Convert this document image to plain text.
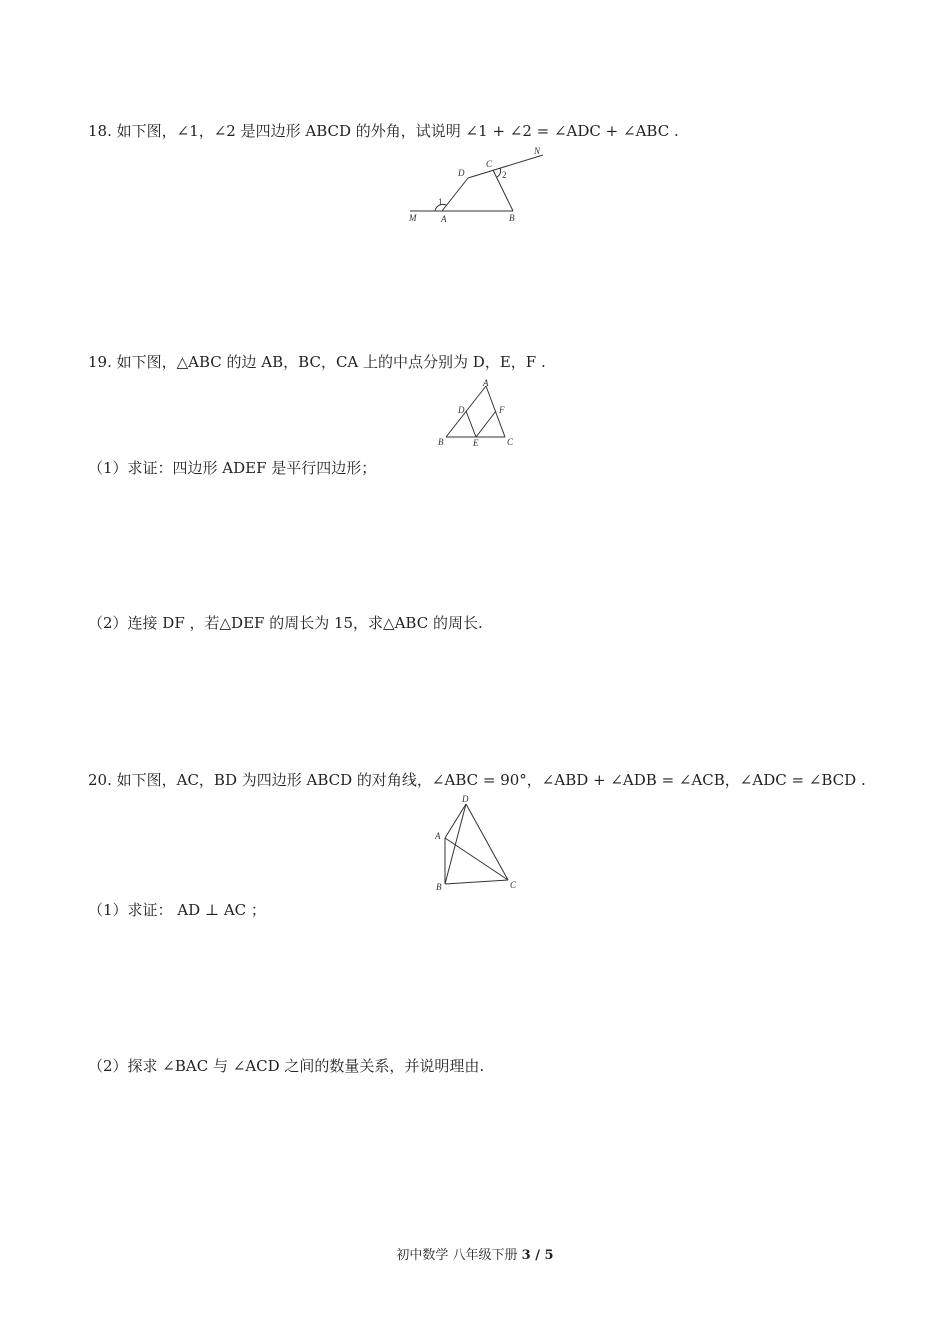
18. 如下图，∠1，∠2 是四边形 ABCD 的外角，试说明 ∠1 + ∠2 = ∠ADC + ∠ABC .
M	A	B
D
C
N
1
2
19. 如下图，△ABC 的边 AB，BC，CA 上的中点分别为 D，E，F .
A
D	F
B	E	C
（1）求证：四边形 ADEF 是平行四边形；
（2）连接 DF ，若△DEF 的周长为 15，求△ABC 的周长.
20. 如下图，AC，BD 为四边形 ABCD 的对角线，∠ABC = 90°，∠ABD + ∠ADB = ∠ACB，∠ADC = ∠BCD .
D
A
B	C
（1）求证： AD ⊥ AC ；
（2）探求 ∠BAC 与 ∠ACD 之间的数量关系，并说明理由.
初中数学 八年级下册 3 / 5
